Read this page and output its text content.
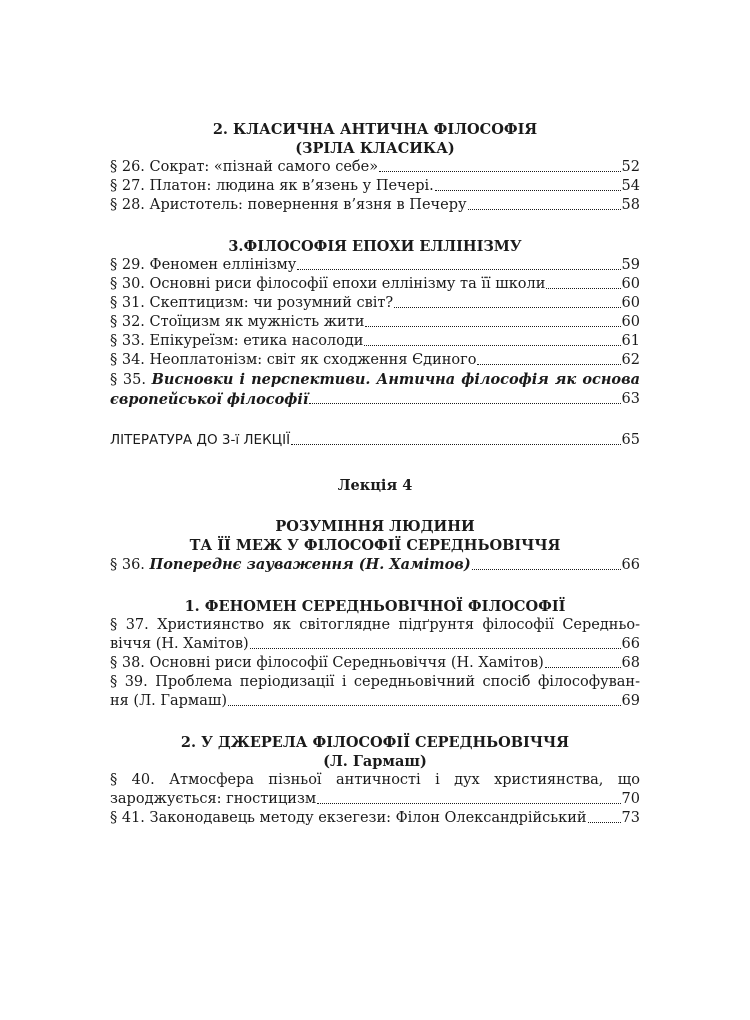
2. КЛАСИЧНА АНТИЧНА ФІЛОСОФІЯ

(ЗРІЛА КЛАСИКА)

§ 26. Сократ: «пізнай самого себе»	52
§ 27. Платон: людина як в’язень у Печері.	54
§ 28. Аристотель: повернення в’язня в Печеру	58

3.ФІЛОСОФІЯ ЕПОХИ ЕЛЛІНІЗМУ

§ 29. Феномен еллінізму	59
§ 30. Основні риси філософії епохи еллінізму та її школи	60
§ 31. Скептицизм: чи розумний світ?	60
§ 32. Стоїцизм як мужність жити	60
§ 33. Епікуреїзм: етика насолоди	61
§ 34. Неоплатонізм: світ як сходження Єдиного	62
§ 35. Висновки і перспективи. Антична філософія як основа
європейської філософії	63
ЛІТЕРАТУРА ДО 3-ї ЛЕКЦІЇ	65

Лекція 4

РОЗУМІННЯ ЛЮДИНИ

ТА ЇЇ МЕЖ У ФІЛОСОФІЇ СЕРЕДНЬОВІЧЧЯ

§ 36. Попереднє зауваження (Н. Хамітов)	66

1. ФЕНОМЕН СЕРЕДНЬОВІЧНОЇ ФІЛОСОФІЇ

§ 37. Християнство як світоглядне підґрунтя філософії Середньо-
віччя (Н. Хамітов)	66
§ 38. Основні риси філософії Середньовіччя (Н. Хамітов)	68
§ 39. Проблема періодизації і середньовічний спосіб філософуван-
ня (Л. Гармаш)	69

2. У ДЖЕРЕЛА ФІЛОСОФІЇ СЕРЕДНЬОВІЧЧЯ

(Л. Гармаш)

§ 40. Атмосфера пізньої античності і дух християнства, що
зароджується: гностицизм	70
§ 41. Законодавець методу екзегези: Філон Олександрійський 73
